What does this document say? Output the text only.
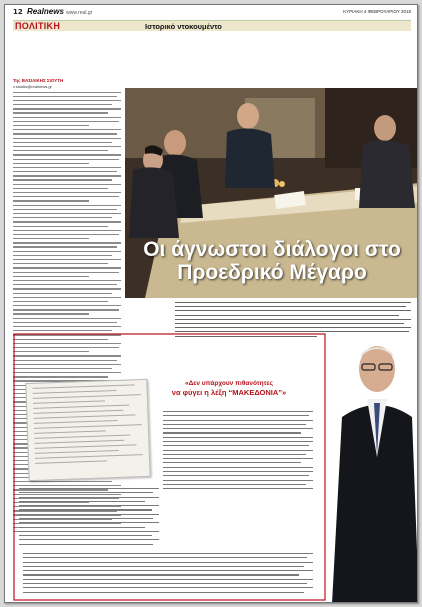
12 Realnews www.real.gr	ΚΥΡΙΑΚΗ 4 ΦΕΒΡΟΥΑΡΙΟΥ 2018
ΠΟΛΙΤΙΚΗ	Ιστορικό ντοκουμέντο
Της ΒΑΣΙΛΙΚΗΣ ΣΙΟΥΤΗ
v.sioutis@realnews.gr
Οι άγνωστοι διάλογοι στο Προεδρικό Μέγαρο
«Δεν υπάρχουν πιθανότητες
να φύγει η λέξη “ΜΑΚΕΔΟΝΙΑ”»
